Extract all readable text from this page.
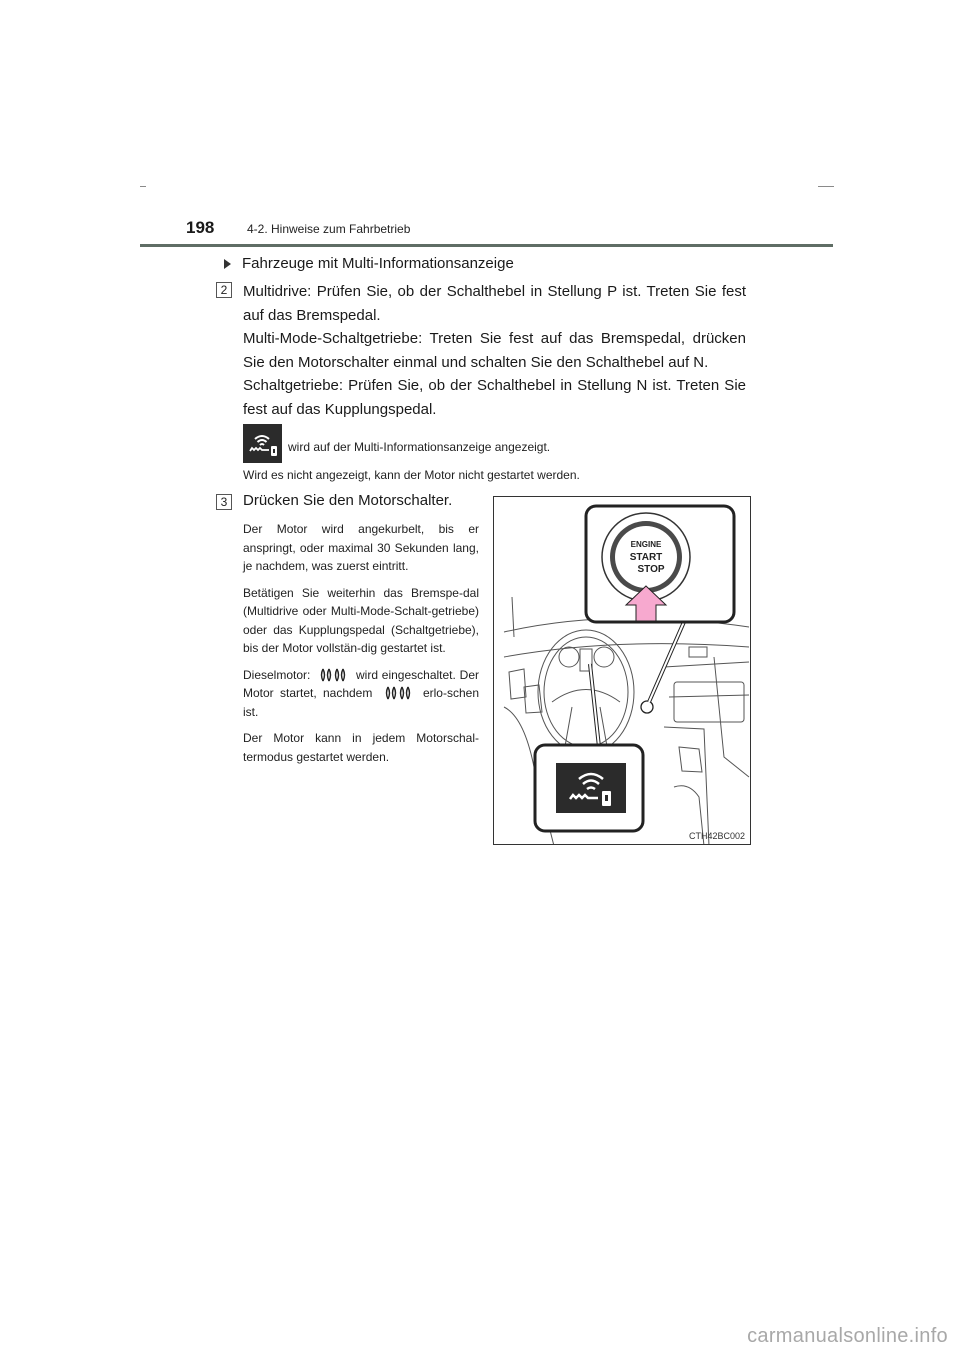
198	4-2. Hinweise zum Fahrbetrieb
Fahrzeuge mit Multi-Informationsanzeige
2	Multidrive: Prüfen Sie, ob der Schalthebel in Stellung P ist. Treten Sie fest auf das Bremspedal.
Multi-Mode-Schaltgetriebe: Treten Sie fest auf das Bremspedal, drücken Sie den Motorschalter einmal und schalten Sie den Schalthebel auf N.
Schaltgetriebe: Prüfen Sie, ob der Schalthebel in Stellung N ist. Treten Sie fest auf das Kupplungspedal.
wird auf der Multi-Informationsanzeige angezeigt.
Wird es nicht angezeigt, kann der Motor nicht gestartet werden.
3	Drücken Sie den Motorschalter.

Der Motor wird angekurbelt, bis er anspringt, oder maximal 30 Sekunden lang, je nachdem, was zuerst eintritt.

Betätigen Sie weiterhin das Bremspe-dal (Multidrive oder Multi-Mode-Schalt-getriebe) oder das Kupplungspedal (Schaltgetriebe), bis der Motor vollstän-dig gestartet ist.

Dieselmotor:	wird eingeschaltet. Der Motor startet, nachdem	erlo-schen ist.

Der Motor kann in jedem Motorschal-termodus gestartet werden.

ENGINE
START
STOP
CTH42BC002
carmanualsonline.info
